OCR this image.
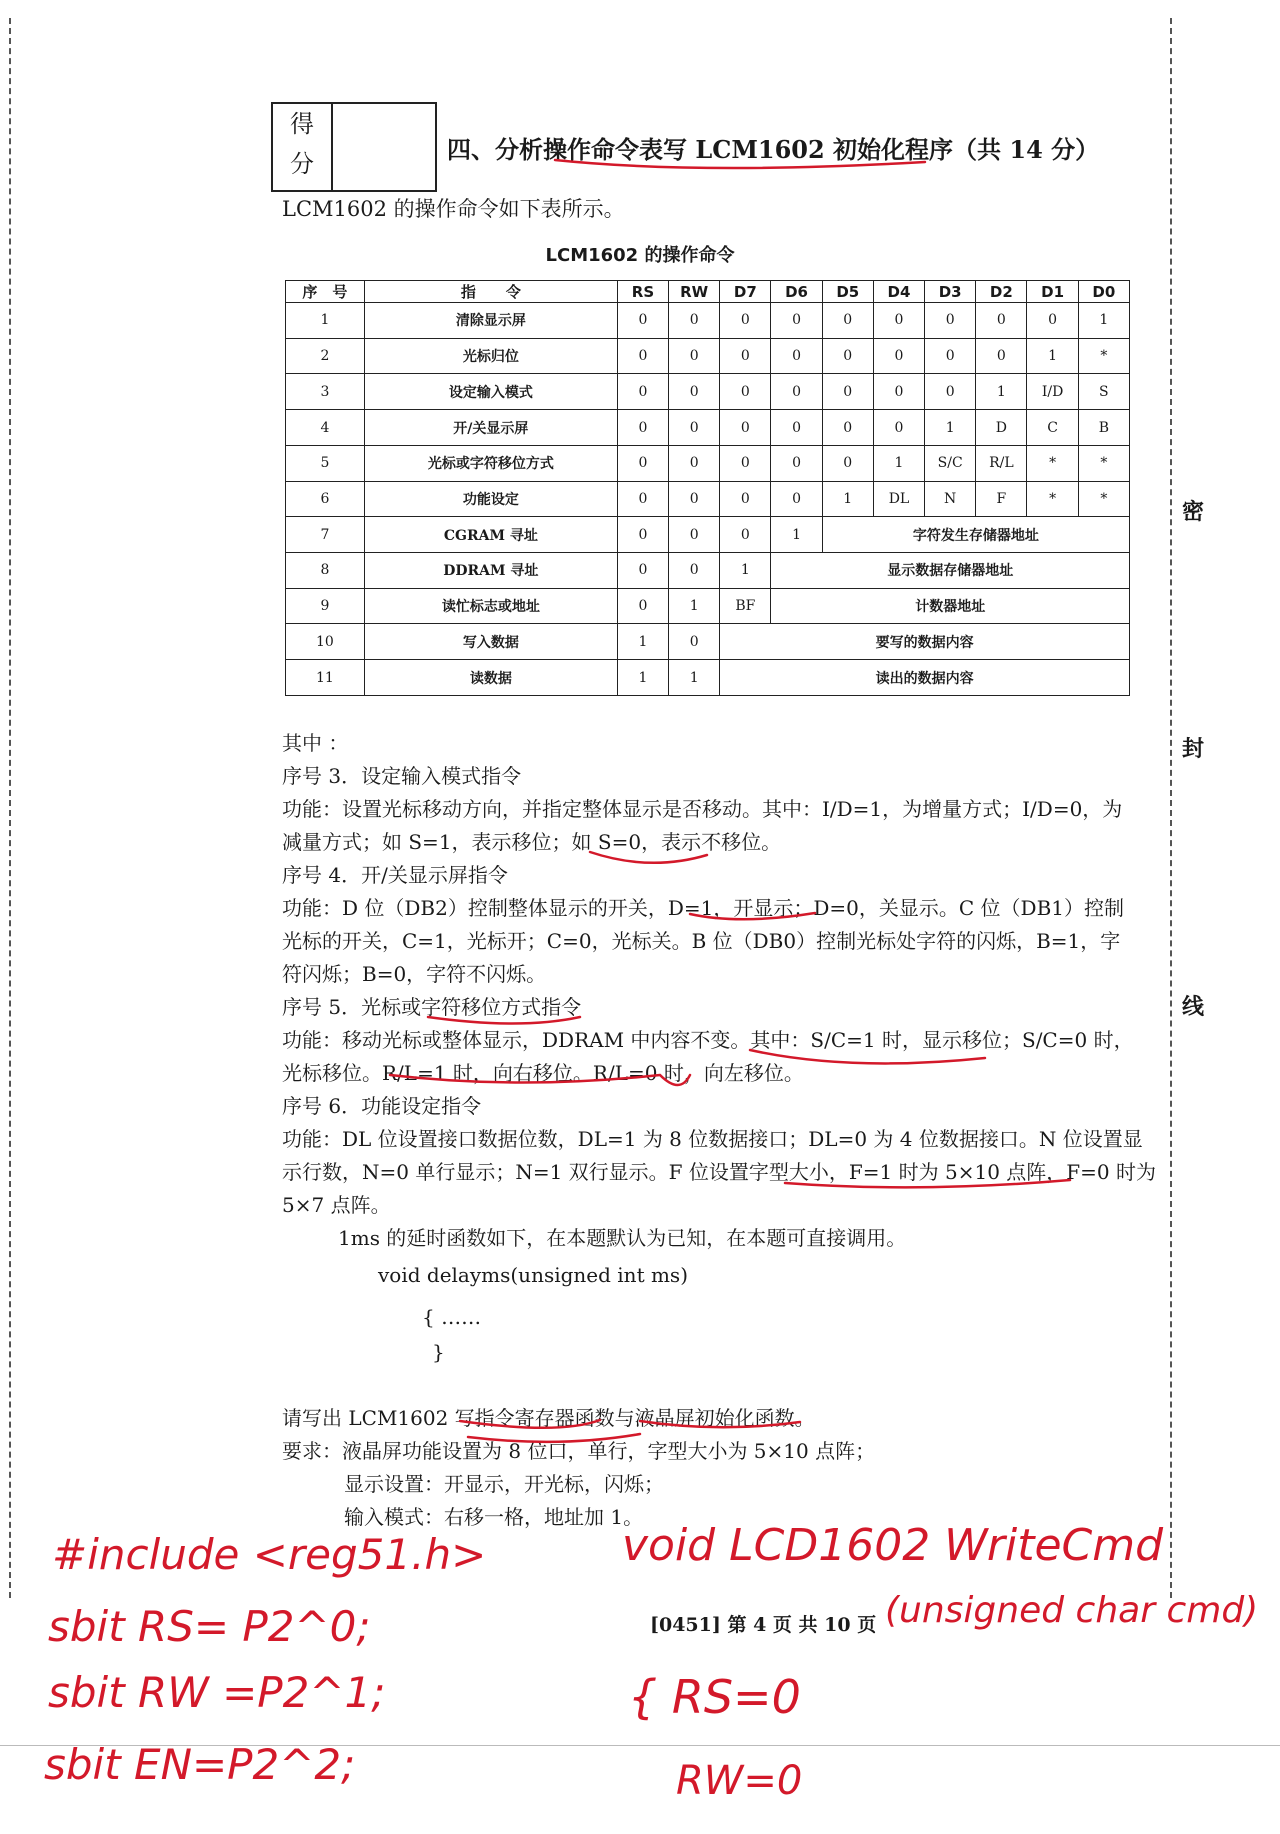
得
分	四、分析操作命令表写 LCM1602 初始化程序（共 14 分）
LCM1602 的操作命令如下表所示。
LCM1602 的操作命令
序　号	指　　令	RS	RW	D7	D6	D5	D4	D3	D2	D1	D0
1	清除显示屏	0	0	0	0	0	0	0	0	0	1
2	光标归位	0	0	0	0	0	0	0	0	1	*
3	设定输入模式	0	0	0	0	0	0	0	1	I/D	S
4	开/关显示屏	0	0	0	0	0	0	1	D	C	B
5	光标或字符移位方式	0	0	0	0	0	1	S/C	R/L	*	*
6	功能设定	0	0	0	0	1	DL	N	F	*	*
7	CGRAM 寻址	0	0	0	1	字符发生存储器地址					
8	DDRAM 寻址	0	0	1	显示数据存储器地址						
9	读忙标志或地址	0	1	BF	计数器地址						
10	写入数据	1	0	要写的数据内容							
11	读数据	1	1	读出的数据内容							
其中 ：
序号 3．设定输入模式指令
功能：设置光标移动方向，并指定整体显示是否移动。其中：I/D=1，为增量方式；I/D=0，为
减量方式；如 S=1，表示移位；如 S=0，表示不移位。
序号 4．开/关显示屏指令
功能：D 位（DB2）控制整体显示的开关，D=1，开显示；D=0，关显示。C 位（DB1）控制
光标的开关，C=1，光标开；C=0，光标关。B 位（DB0）控制光标处字符的闪烁，B=1，字
符闪烁；B=0，字符不闪烁。
序号 5．光标或字符移位方式指令
功能：移动光标或整体显示，DDRAM 中内容不变。其中：S/C=1 时，显示移位；S/C=0 时，
光标移位。R/L=1 时，向右移位。R/L=0 时，向左移位。
序号 6．功能设定指令
功能：DL 位设置接口数据位数，DL=1 为 8 位数据接口；DL=0 为 4 位数据接口。N 位设置显
示行数，N=0 单行显示；N=1 双行显示。F 位设置字型大小，F=1 时为 5×10 点阵，F=0 时为
5×7 点阵。
1ms 的延时函数如下，在本题默认为已知，在本题可直接调用。
void delayms(unsigned int ms)
{ ……
}
请写出 LCM1602 写指令寄存器函数与液晶屏初始化函数。
要求：液晶屏功能设置为 8 位口，单行，字型大小为 5×10 点阵；
显示设置：开显示，开光标，闪烁；
输入模式：右移一格，地址加 1。
密
封
线
[0451] 第 4 页 共 10 页
#include <reg51.h>
sbit RS= P2^0;
sbit RW =P2^1;
sbit EN=P2^2;
void LCD1602 WriteCmd
(unsigned char cmd)
{ RS=0
RW=0
